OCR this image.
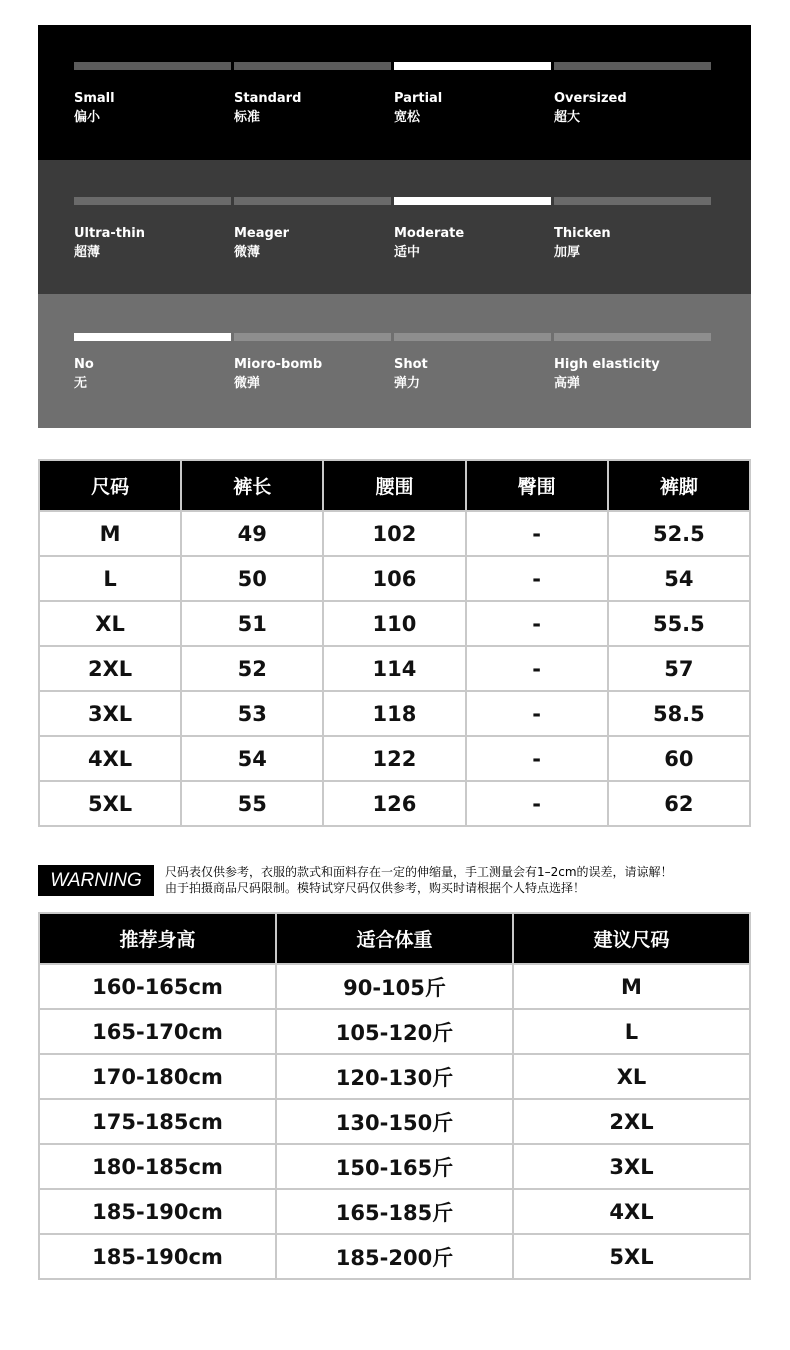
Small
偏小
Standard
标准
Partial
宽松
Oversized
超大
Ultra-thin
超薄
Meager
微薄
Moderate
适中
Thicken
加厚
No
无
Mioro-bomb
微弹
Shot
弹力
High elasticity
高弹
尺码	裤长	腰围	臀围	裤脚
M	49	102	-	52.5
L	50	106	-	54
XL	51	110	-	55.5
2XL	52	114	-	57
3XL	53	118	-	58.5
4XL	54	122	-	60
5XL	55	126	-	62
WARNING	尺码表仅供参考，衣服的款式和面料存在一定的伸缩量，手工测量会有1–2cm的误差，请谅解！
由于拍摄商品尺码限制。模特试穿尺码仅供参考，购买时请根据个人特点选择！
推荐身高	适合体重	建议尺码
160-165cm	90-105斤	M
165-170cm	105-120斤	L
170-180cm	120-130斤	XL
175-185cm	130-150斤	2XL
180-185cm	150-165斤	3XL
185-190cm	165-185斤	4XL
185-190cm	185-200斤	5XL
